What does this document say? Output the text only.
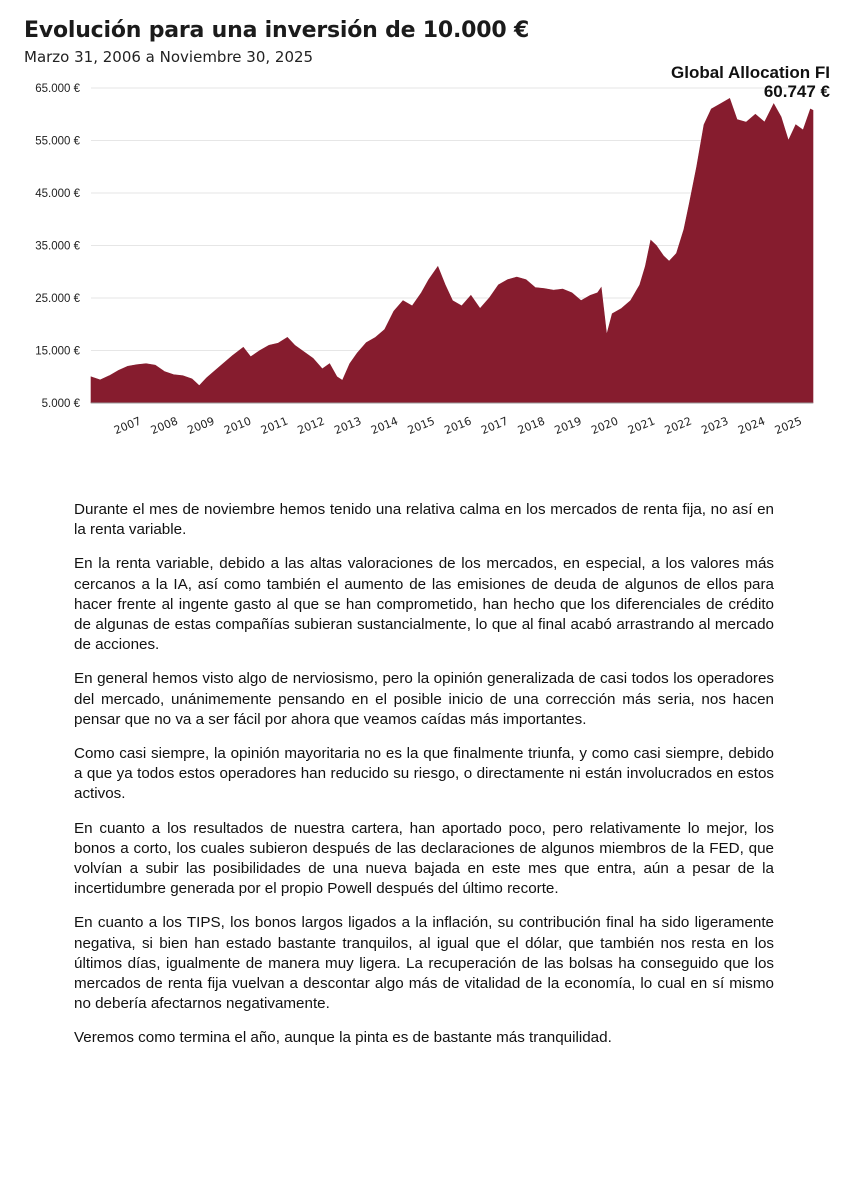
Evolución para una inversión de 10.000 €
Marzo 31, 2006 a Noviembre 30, 2025
5.000 €
15.000 €
25.000 €
35.000 €
45.000 €
55.000 €
65.000 €
2007 2008 2009 2010 2011 2012 2013 2014 2015 2016 2017 2018 2019 2020 2021 2022 2023 2024 2025
Global Allocation FI
60.747 €

Durante el mes de noviembre hemos tenido una relativa calma en los mercados de renta fija, no así en la renta variable.

En la renta variable, debido a las altas valoraciones de los mercados, en especial, a los valores más cercanos a la IA, así como también el aumento de las emisiones de deuda de algunos de ellos para hacer frente al ingente gasto al que se han comprometido, han hecho que los diferenciales de crédito de algunas de estas compañías subieran sustancialmente, lo que al final acabó arrastrando al mercado de acciones.

En general hemos visto algo de nerviosismo, pero la opinión generalizada de casi todos los operadores del mercado, unánimemente pensando en el posible inicio de una corrección más seria, nos hacen pensar que no va a ser fácil por ahora que veamos caídas más importantes.

Como casi siempre, la opinión mayoritaria no es la que finalmente triunfa, y como casi siempre, debido a que ya todos estos operadores han reducido su riesgo, o directamente ni están involucrados en estos activos.

En cuanto a los resultados de nuestra cartera, han aportado poco, pero relativamente lo mejor, los bonos a corto, los cuales subieron después de las declaraciones de algunos miembros de la FED, que volvían a subir las posibilidades de una nueva bajada en este mes que entra, aún a pesar de la incertidumbre generada por el propio Powell después del último recorte.

En cuanto a los TIPS, los bonos largos ligados a la inflación, su contribución final ha sido ligeramente negativa, si bien han estado bastante tranquilos, al igual que el dólar, que también nos resta en los últimos días, igualmente de manera muy ligera. La recuperación de las bolsas ha conseguido que los mercados de renta fija vuelvan a descontar algo más de vitalidad de la economía, lo cual en sí mismo no debería afectarnos negativamente.

Veremos como termina el año, aunque la pinta es de bastante más tranquilidad.
